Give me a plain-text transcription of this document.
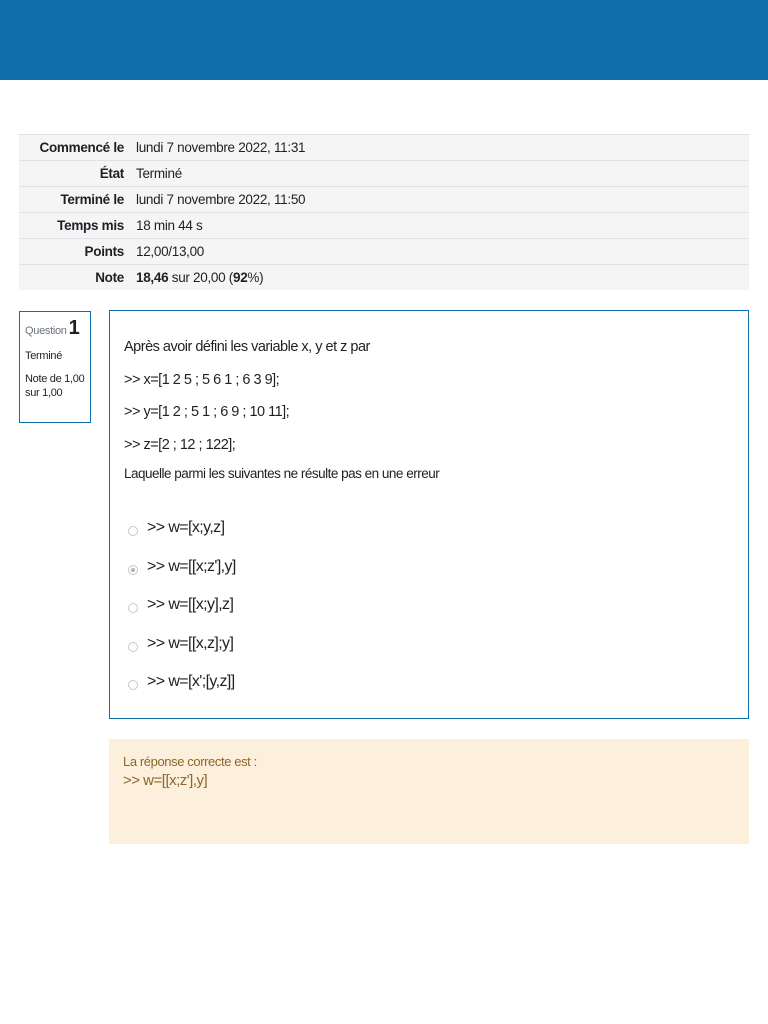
Commencé le	lundi 7 novembre 2022, 11:31
État	Terminé
Terminé le	lundi 7 novembre 2022, 11:50
Temps mis	18 min 44 s
Points	12,00/13,00
Note	18,46 sur 20,00 (92%)
Question 1
Terminé
Note de 1,00 sur 1,00

Après avoir défini les variable x, y et z par

>> x=[1 2 5 ; 5 6 1 ; 6 3 9];

>> y=[1 2 ; 5 1 ; 6 9 ; 10 11];

>> z=[2 ; 12 ; 122];

Laquelle parmi les suivantes ne résulte pas en une erreur

>> w=[x;y,z]
>> w=[[x;z'],y]
>> w=[[x;y],z]
>> w=[[x,z];y]
>> w=[x';[y,z]]
La réponse correcte est :
>> w=[[x;z'],y]
